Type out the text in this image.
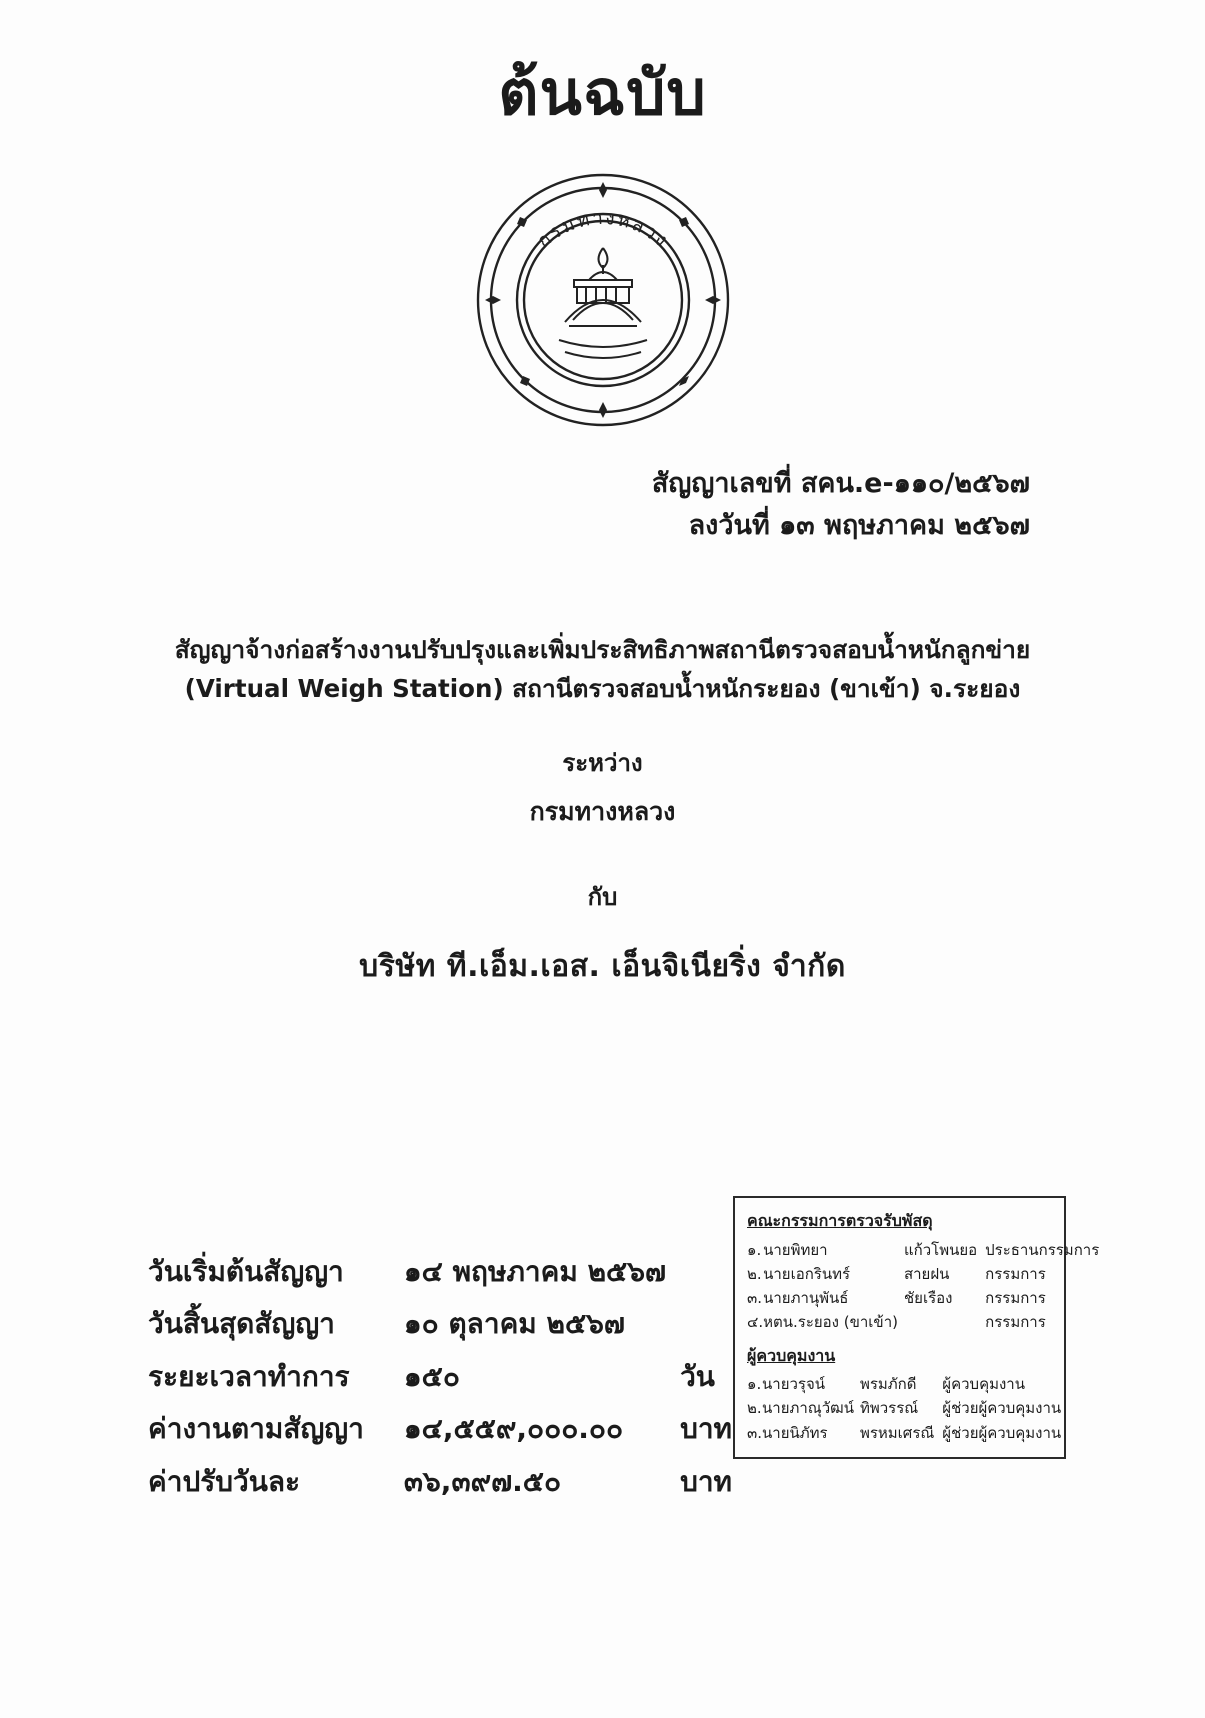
ต้นฉบับ
กรมทางหลวง
สัญญาเลขที่ สคน.e-๑๑๐/๒๕๖๗
ลงวันที่ ๑๓ พฤษภาคม ๒๕๖๗
สัญญาจ้างก่อสร้างงานปรับปรุงและเพิ่มประสิทธิภาพสถานีตรวจสอบน้ำหนักลูกข่าย
(Virtual Weigh Station) สถานีตรวจสอบน้ำหนักระยอง (ขาเข้า) จ.ระยอง
ระหว่าง
กรมทางหลวง
กับ
บริษัท ที.เอ็ม.เอส. เอ็นจิเนียริ่ง จำกัด
วันเริ่มต้นสัญญา	๑๔ พฤษภาคม ๒๕๖๗	
วันสิ้นสุดสัญญา	๑๐ ตุลาคม ๒๕๖๗	
ระยะเวลาทำการ	๑๕๐	วัน
ค่างานตามสัญญา	๑๔,๕๕๙,๐๐๐.๐๐	บาท
ค่าปรับวันละ	๓๖,๓๙๗.๕๐	บาท
คณะกรรมการตรวจรับพัสดุ
๑.	นายพิทยา	แก้วโพนยอ	ประธานกรรมการ
๒.	นายเอกรินทร์	สายฝน	กรรมการ
๓.	นายภานุพันธ์	ชัยเรือง	กรรมการ
๔.	หตน.ระยอง (ขาเข้า)		กรรมการ
ผู้ควบคุมงาน
๑.	นายวรุจน์	พรมภักดี	ผู้ควบคุมงาน
๒.	นายภาณุวัฒน์	ทิพวรรณ์	ผู้ช่วยผู้ควบคุมงาน
๓.	นายนิภัทร	พรหมเศรณี	ผู้ช่วยผู้ควบคุมงาน
